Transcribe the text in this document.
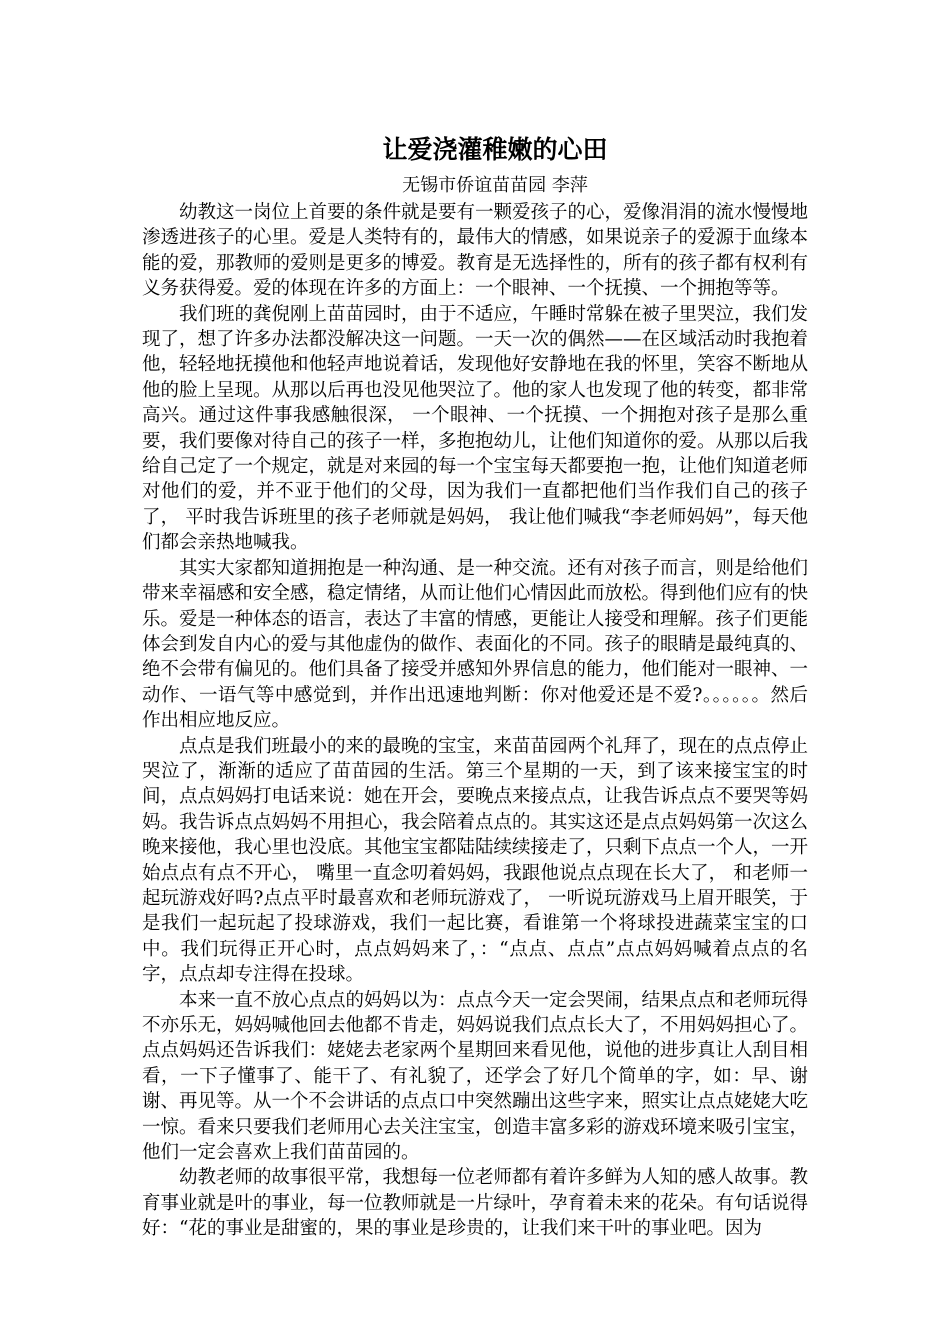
让爱浇灌稚嫩的心田
无锡市侨谊苗苗园 李萍

幼教这一岗位上首要的条件就是要有一颗爱孩子的心，爱像涓涓的流水慢慢地渗透进孩子的心里。爱是人类特有的，最伟大的情感，如果说亲子的爱源于血缘本能的爱，那教师的爱则是更多的博爱。教育是无选择性的，所有的孩子都有权利有义务获得爱。爱的体现在许多的方面上：一个眼神、一个抚摸、一个拥抱等等。

我们班的龚倪刚上苗苗园时，由于不适应，午睡时常躲在被子里哭泣，我们发现了，想了许多办法都没解决这一问题。一天一次的偶然——在区域活动时我抱着他，轻轻地抚摸他和他轻声地说着话，发现他好安静地在我的怀里，笑容不断地从他的脸上呈现。从那以后再也没见他哭泣了。他的家人也发现了他的转变，都非常高兴。通过这件事我感触很深， 一个眼神、一个抚摸、一个拥抱对孩子是那么重要，我们要像对待自己的孩子一样，多抱抱幼儿，让他们知道你的爱。从那以后我给自己定了一个规定，就是对来园的每一个宝宝每天都要抱一抱，让他们知道老师对他们的爱，并不亚于他们的父母，因为我们一直都把他们当作我们自己的孩子了， 平时我告诉班里的孩子老师就是妈妈， 我让他们喊我“李老师妈妈”，每天他们都会亲热地喊我。

其实大家都知道拥抱是一种沟通、是一种交流。还有对孩子而言，则是给他们带来幸福感和安全感，稳定情绪，从而让他们心情因此而放松。得到他们应有的快乐。爱是一种体态的语言，表达了丰富的情感，更能让人接受和理解。孩子们更能体会到发自内心的爱与其他虚伪的做作、表面化的不同。孩子的眼睛是最纯真的、绝不会带有偏见的。他们具备了接受并感知外界信息的能力，他们能对一眼神、一动作、一语气等中感觉到，并作出迅速地判断：你对他爱还是不爱?。。。。。。然后作出相应地反应。

点点是我们班最小的来的最晚的宝宝，来苗苗园两个礼拜了，现在的点点停止哭泣了，渐渐的适应了苗苗园的生活。第三个星期的一天，到了该来接宝宝的时间，点点妈妈打电话来说：她在开会，要晚点来接点点，让我告诉点点不要哭等妈妈。我告诉点点妈妈不用担心，我会陪着点点的。其实这还是点点妈妈第一次这么晚来接他，我心里也没底。其他宝宝都陆陆续续接走了，只剩下点点一个人，一开始点点有点不开心， 嘴里一直念叨着妈妈，我跟他说点点现在长大了， 和老师一起玩游戏好吗?点点平时最喜欢和老师玩游戏了， 一听说玩游戏马上眉开眼笑，于是我们一起玩起了投球游戏，我们一起比赛，看谁第一个将球投进蔬菜宝宝的口中。我们玩得正开心时，点点妈妈来了，：“点点、点点”点点妈妈喊着点点的名字，点点却专注得在投球。

本来一直不放心点点的妈妈以为：点点今天一定会哭闹，结果点点和老师玩得不亦乐无，妈妈喊他回去他都不肯走，妈妈说我们点点长大了，不用妈妈担心了。点点妈妈还告诉我们：姥姥去老家两个星期回来看见他，说他的进步真让人刮目相看，一下子懂事了、能干了、有礼貌了，还学会了好几个简单的字，如：早、谢谢、再见等。从一个不会讲话的点点口中突然蹦出这些字来，照实让点点姥姥大吃一惊。看来只要我们老师用心去关注宝宝，创造丰富多彩的游戏环境来吸引宝宝，他们一定会喜欢上我们苗苗园的。

幼教老师的故事很平常，我想每一位老师都有着许多鲜为人知的感人故事。教育事业就是叶的事业，每一位教师就是一片绿叶，孕育着未来的花朵。有句话说得好：“花的事业是甜蜜的，果的事业是珍贵的，让我们来干叶的事业吧。因为
